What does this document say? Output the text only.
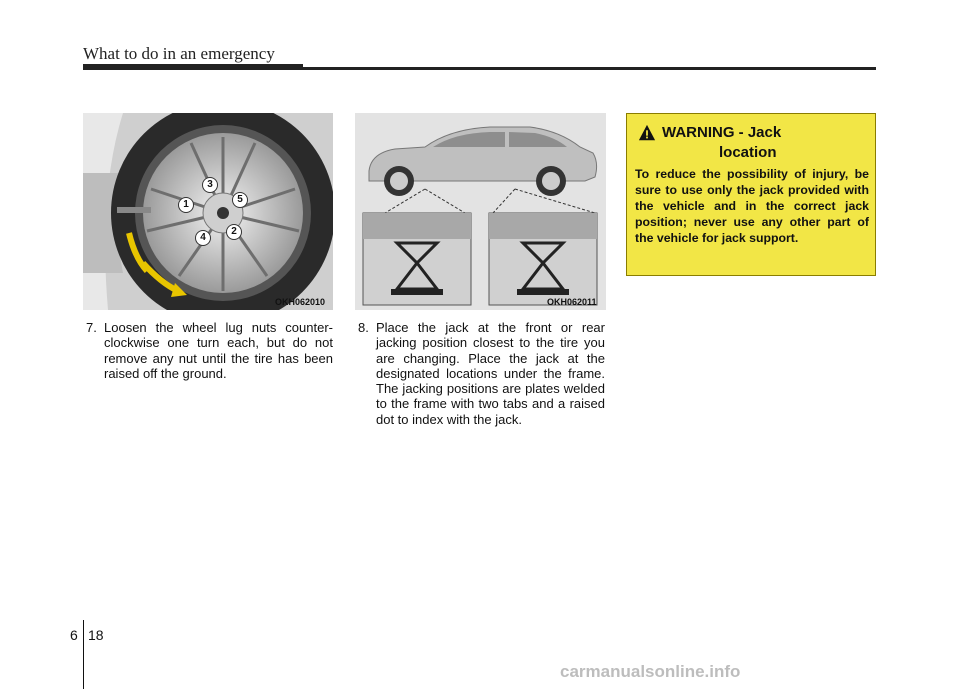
What to do in an emergency
3
1	5
4
2
OKH062010	OKH062011
7. Loosen the wheel lug nuts counter-clockwise one turn each, but do not remove any nut until the tire has been raised off the ground.
8. Place the jack at the front or rear jacking position closest to the tire you are changing. Place the jack at the designated locations under the frame. The jacking positions are plates welded to the frame with two tabs and a raised dot to index with the jack.
WARNING - Jack
location
To reduce the possibility of injury, be sure to use only the jack provided with the vehicle and in the correct jack position; never use any other part of the vehicle for jack support.
6 18
carmanualsonline.info
